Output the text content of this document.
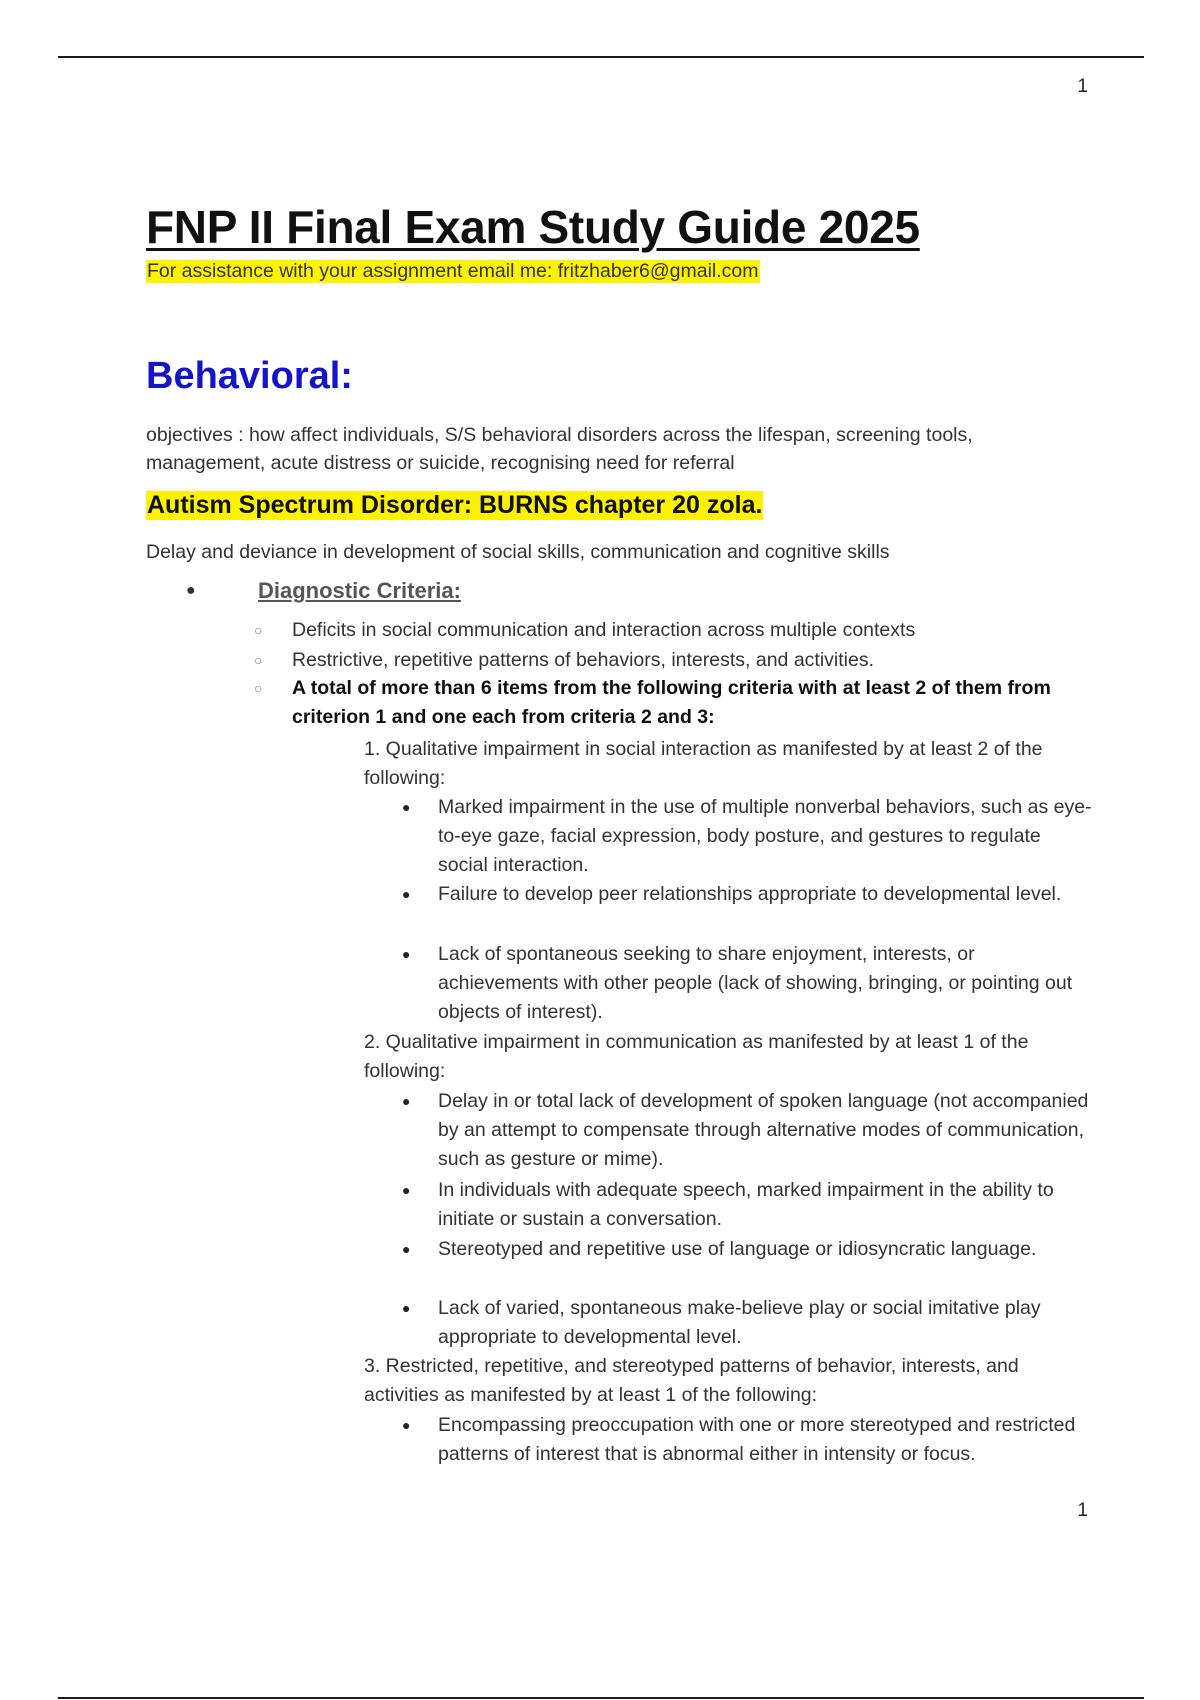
1
FNP II Final Exam Study Guide 2025
For assistance with your assignment email me: fritzhaber6@gmail.com
Behavioral:
objectives : how affect individuals, S/S behavioral disorders across the lifespan, screening tools, management, acute distress or suicide, recognising need for referral
Autism Spectrum Disorder: BURNS chapter 20 zola.
Delay and deviance in development of social skills, communication and cognitive skills
●	Diagnostic Criteria:
○ Deficits in social communication and interaction across multiple contexts
○ Restrictive, repetitive patterns of behaviors, interests, and activities.
○ A total of more than 6 items from the following criteria with at least 2 of them from criterion 1 and one each from criteria 2 and 3:
1. Qualitative impairment in social interaction as manifested by at least 2 of the following:
● Marked impairment in the use of multiple nonverbal behaviors, such as eye-to-eye gaze, facial expression, body posture, and gestures to regulate social interaction.
● Failure to develop peer relationships appropriate to developmental level.
● Lack of spontaneous seeking to share enjoyment, interests, or achievements with other people (lack of showing, bringing, or pointing out objects of interest).
2. Qualitative impairment in communication as manifested by at least 1 of the following:
● Delay in or total lack of development of spoken language (not accompanied by an attempt to compensate through alternative modes of communication, such as gesture or mime).
● In individuals with adequate speech, marked impairment in the ability to initiate or sustain a conversation.
● Stereotyped and repetitive use of language or idiosyncratic language.
● Lack of varied, spontaneous make-believe play or social imitative play appropriate to developmental level.
3. Restricted, repetitive, and stereotyped patterns of behavior, interests, and activities as manifested by at least 1 of the following:
● Encompassing preoccupation with one or more stereotyped and restricted patterns of interest that is abnormal either in intensity or focus.
1
